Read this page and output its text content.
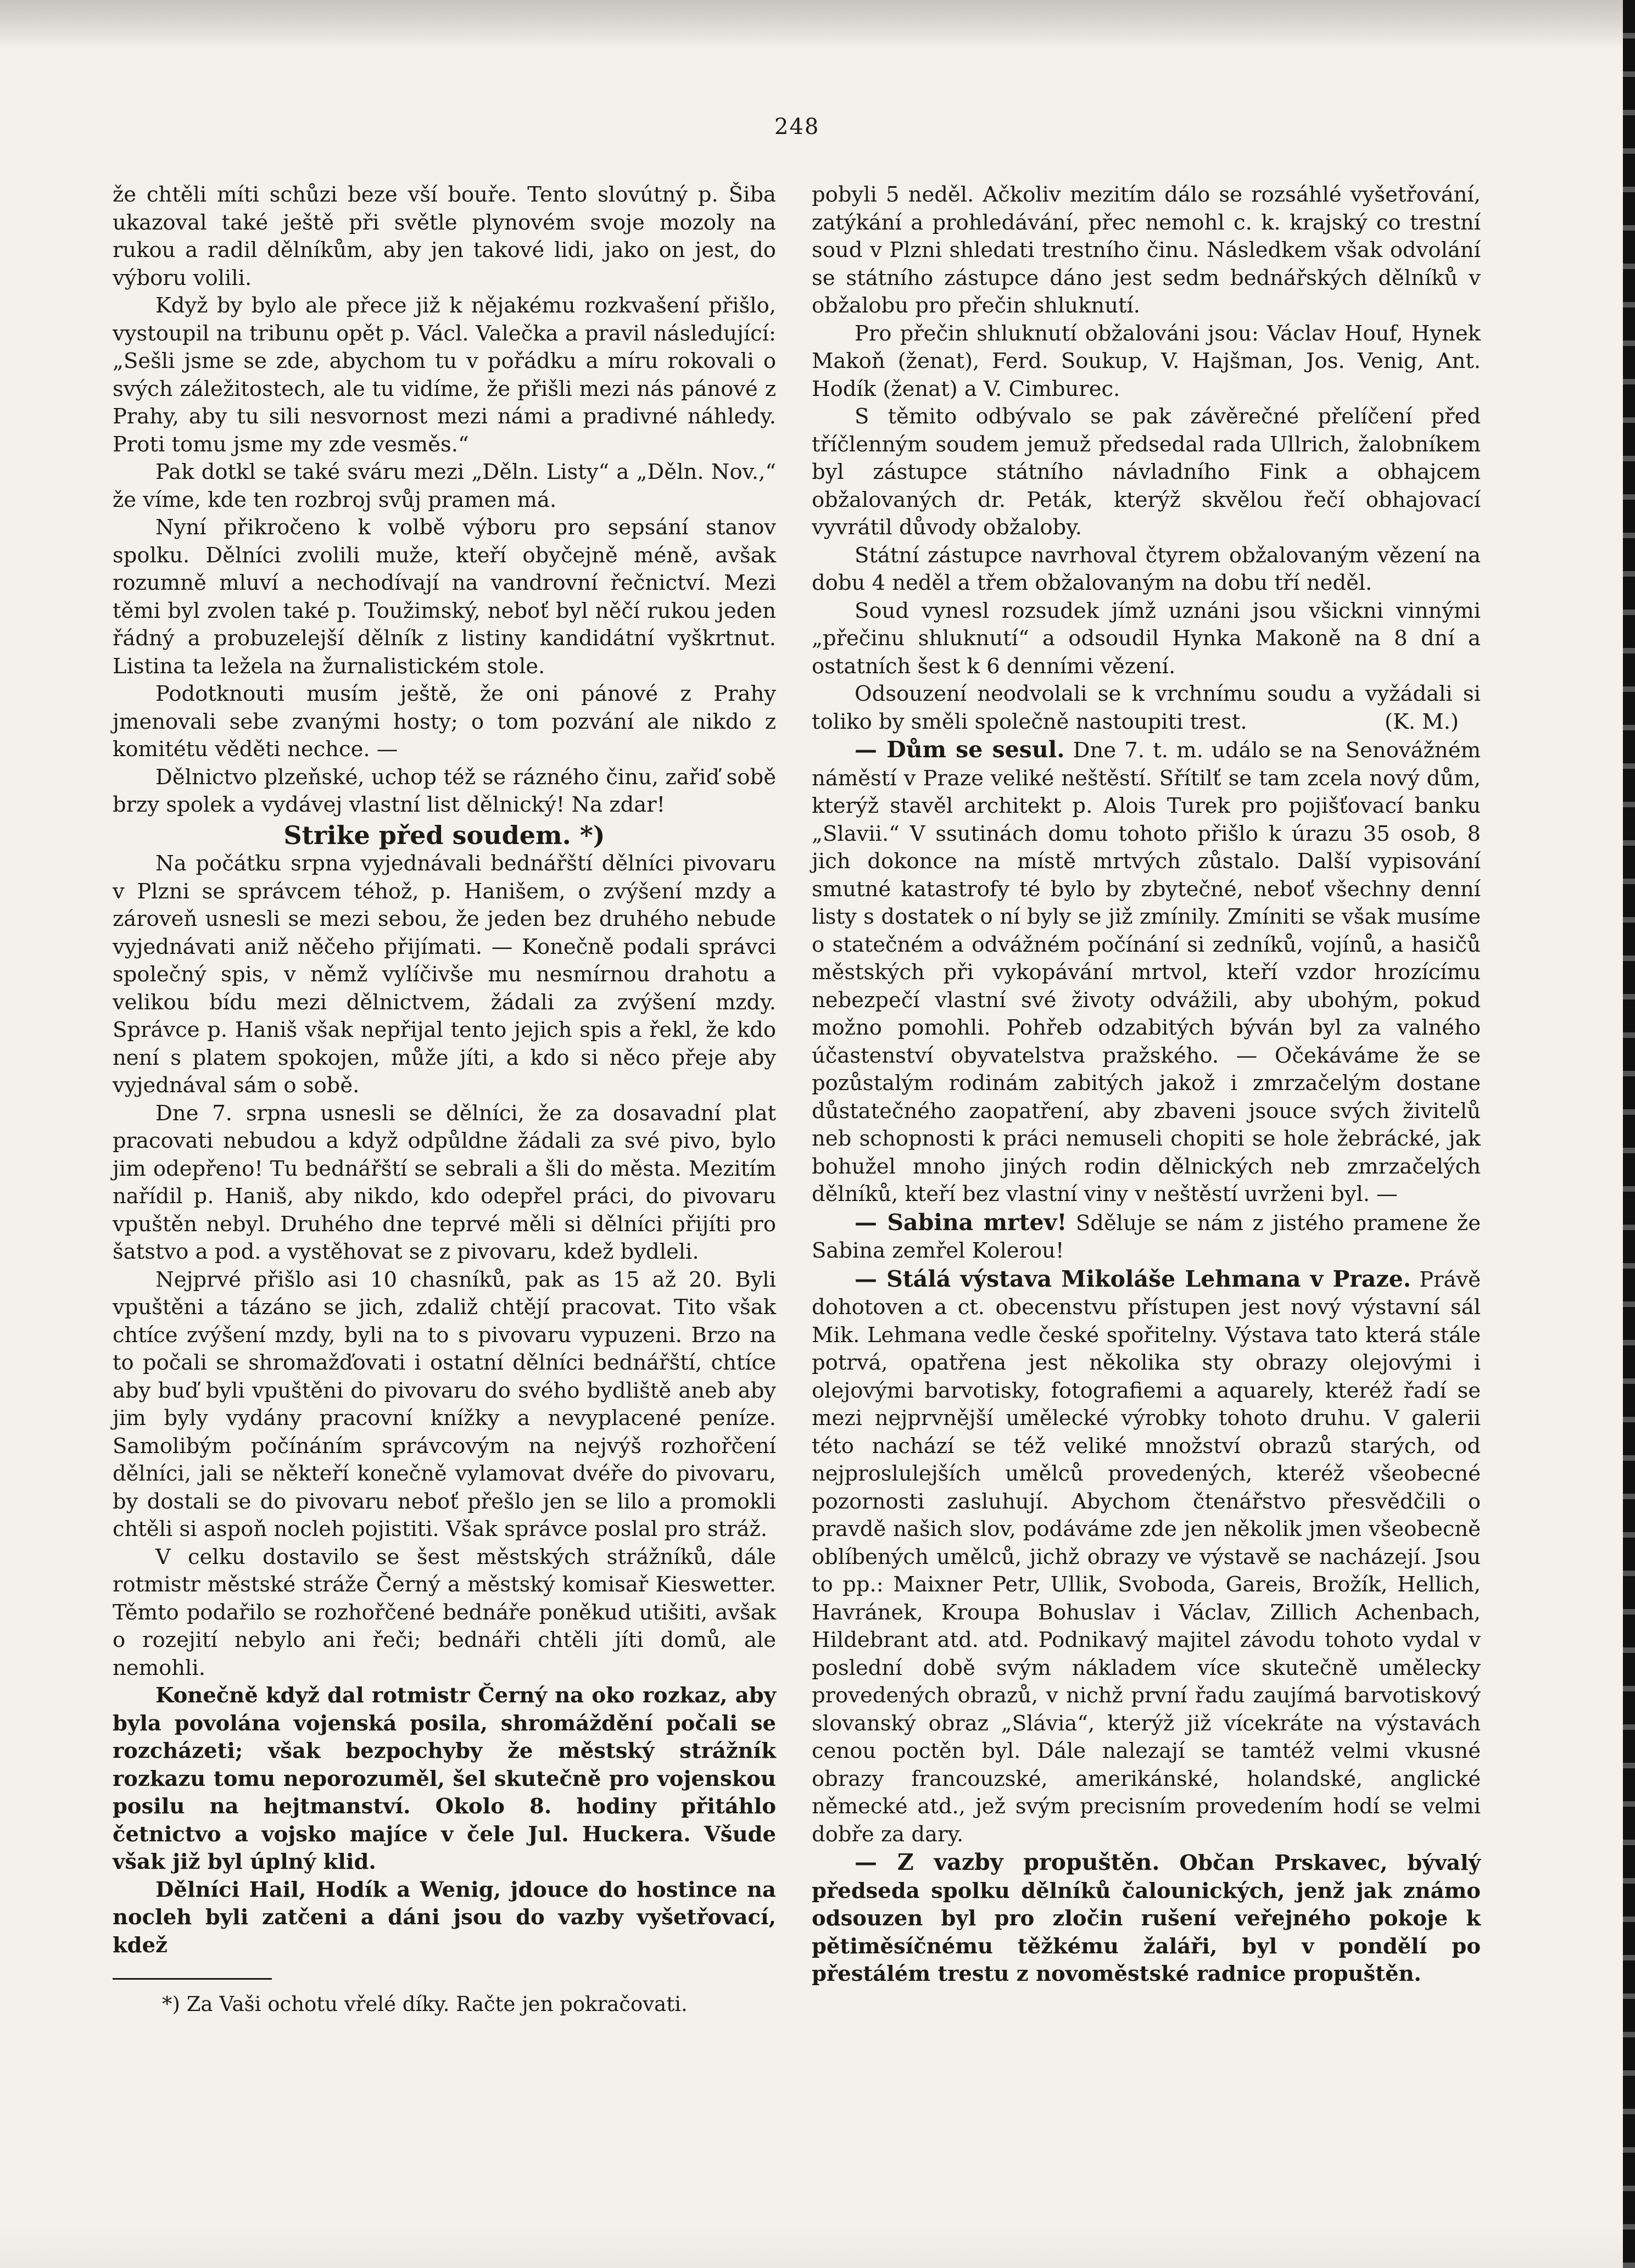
248

že chtěli míti schůzi beze vší bouře. Tento slovútný p. Šiba ukazoval také ještě při světle plynovém svoje mozoly na rukou a radil dělníkům, aby jen takové lidi, jako on jest, do výboru volili.

Když by bylo ale přece již k nějakému rozkvašení přišlo, vystoupil na tribunu opět p. Václ. Valečka a pravil následující: „Sešli jsme se zde, abychom tu v pořádku a míru rokovali o svých záležitostech, ale tu vidíme, že přišli mezi nás pánové z Prahy, aby tu sili nesvornost mezi námi a pradivné náhledy. Proti tomu jsme my zde vesměs.“

Pak dotkl se také sváru mezi „Děln. Listy“ a „Děln. Nov.,“ že víme, kde ten rozbroj svůj pramen má.

Nyní přikročeno k volbě výboru pro sepsání stanov spolku. Dělníci zvolili muže, kteří obyčejně méně, avšak rozumně mluví a nechodívají na vandrovní řečnictví. Mezi těmi byl zvolen také p. Toužimský, neboť byl něčí rukou jeden řádný a probuzelejší dělník z listiny kandidátní vyškrtnut. Listina ta ležela na žurnalistickém stole.

Podotknouti musím ještě, že oni pánové z Prahy jmenovali sebe zvanými hosty; o tom pozvání ale nikdo z komitétu věděti nechce. —

Dělnictvo plzeňské, uchop též se rázného činu, zařiď sobě brzy spolek a vydávej vlastní list dělnický! Na zdar!

Strike před soudem. *)

Na počátku srpna vyjednávali bednářští dělníci pivovaru v Plzni se správcem téhož, p. Hanišem, o zvýšení mzdy a zároveň usnesli se mezi sebou, že jeden bez druhého nebude vyjednávati aniž něčeho přijímati. — Konečně podali správci společný spis, v němž vylíčivše mu nesmírnou drahotu a velikou bídu mezi dělnictvem, žádali za zvýšení mzdy. Správce p. Haniš však nepřijal tento jejich spis a řekl, že kdo není s platem spokojen, může jíti, a kdo si něco přeje aby vyjednával sám o sobě.

Dne 7. srpna usnesli se dělníci, že za dosavadní plat pracovati nebudou a když odpůldne žádali za své pivo, bylo jim odepřeno! Tu bednářští se sebrali a šli do města. Mezitím nařídil p. Haniš, aby nikdo, kdo odepřel práci, do pivovaru vpuštěn nebyl. Druhého dne teprvé měli si dělníci přijíti pro šatstvo a pod. a vystěhovat se z pivovaru, kdež bydleli.

Nejprvé přišlo asi 10 chasníků, pak as 15 až 20. Byli vpuštěni a tázáno se jich, zdaliž chtějí pracovat. Tito však chtíce zvýšení mzdy, byli na to s pivovaru vypuzeni. Brzo na to počali se shromažďovati i ostatní dělníci bednářští, chtíce aby buď byli vpuštěni do pivovaru do svého bydliště aneb aby jim byly vydány pracovní knížky a nevyplacené peníze. Samolibým počínáním správcovým na nejvýš rozhořčení dělníci, jali se někteří konečně vylamovat dvéře do pivovaru, by dostali se do pivovaru neboť přešlo jen se lilo a promokli chtěli si aspoň nocleh pojistiti. Však správce poslal pro stráž.

V celku dostavilo se šest městských strážníků, dále rotmistr městské stráže Černý a městský komisař Kieswetter. Těmto podařilo se rozhořčené bednáře poněkud utišiti, avšak o rozejití nebylo ani řeči; bednáři chtěli jíti domů, ale nemohli.

Konečně když dal rotmistr Černý na oko rozkaz, aby byla povolána vojenská posila, shromáždění počali se rozcházeti; však bezpochyby že městský strážník rozkazu tomu neporozuměl, šel skutečně pro vojenskou posilu na hejtmanství. Okolo 8. hodiny přitáhlo četnictvo a vojsko majíce v čele Jul. Huckera. Všude však již byl úplný klid.

Dělníci Hail, Hodík a Wenig, jdouce do hostince na nocleh byli zatčeni a dáni jsou do vazby vyšetřovací, kdež

*) Za Vaši ochotu vřelé díky. Račte jen pokračovati.

pobyli 5 neděl. Ačkoliv mezitím dálo se rozsáhlé vyšetřování, zatýkání a prohledávání, přec nemohl c. k. krajský co trestní soud v Plzni shledati trestního činu. Následkem však odvolání se státního zástupce dáno jest sedm bednářských dělníků v obžalobu pro přečin shluknutí.

Pro přečin shluknutí obžalováni jsou: Václav Houf, Hynek Makoň (ženat), Ferd. Soukup, V. Hajšman, Jos. Venig, Ant. Hodík (ženat) a V. Cimburec.

S těmito odbývalo se pak závěrečné přelíčení před tříčlenným soudem jemuž předsedal rada Ullrich, žalobníkem byl zástupce státního návladního Fink a obhajcem obžalovaných dr. Peták, kterýž skvělou řečí obhajovací vyvrátil důvody obžaloby.

Státní zástupce navrhoval čtyrem obžalovaným vězení na dobu 4 neděl a třem obžalovaným na dobu tří neděl.

Soud vynesl rozsudek jímž uznáni jsou všickni vinnými „přečinu shluknutí“ a odsoudil Hynka Makoně na 8 dní a ostatních šest k 6 denními vězení.

Odsouzení neodvolali se k vrchnímu soudu a vyžádali si toliko by směli společně nastoupiti trest.	(K. M.)

— Dům se sesul. Dne 7. t. m. událo se na Senovážném náměstí v Praze veliké neštěstí. Sřítilť se tam zcela nový dům, kterýž stavěl architekt p. Alois Turek pro pojišťovací banku „Slavii.“ V ssutinách domu tohoto přišlo k úrazu 35 osob, 8 jich dokonce na místě mrtvých zůstalo. Další vypisování smutné katastrofy té bylo by zbytečné, neboť všechny denní listy s dostatek o ní byly se již zmínily. Zmíniti se však musíme o statečném a odvážném počínání si zedníků, vojínů, a hasičů městských při vykopávání mrtvol, kteří vzdor hrozícímu nebezpečí vlastní své životy odvážili, aby ubohým, pokud možno pomohli. Pohřeb odzabitých býván byl za valného účastenství obyvatelstva pražského. — Očekáváme že se pozůstalým rodinám zabitých jakož i zmrzačelým dostane důstatečného zaopatření, aby zbaveni jsouce svých živitelů neb schopnosti k práci nemuseli chopiti se hole žebrácké, jak bohužel mnoho jiných rodin dělnických neb zmrzačelých dělníků, kteří bez vlastní viny v neštěstí uvrženi byl. —

— Sabina mrtev! Sděluje se nám z jistého pramene že Sabina zemřel Kolerou!

— Stálá výstava Mikoláše Lehmana v Praze. Právě dohotoven a ct. obecenstvu přístupen jest nový výstavní sál Mik. Lehmana vedle české spořitelny. Výstava tato která stále potrvá, opatřena jest několika sty obrazy olejovými i olejovými barvotisky, fotografiemi a aquarely, kteréž řadí se mezi nejprvnější umělecké výrobky tohoto druhu. V galerii této nachází se též veliké množství obrazů starých, od nejproslulejších umělců provedených, kteréž všeobecné pozornosti zasluhují. Abychom čtenářstvo přesvědčili o pravdě našich slov, podáváme zde jen několik jmen všeobecně oblíbených umělců, jichž obrazy ve výstavě se nacházejí. Jsou to pp.: Maixner Petr, Ullik, Svoboda, Gareis, Brožík, Hellich, Havránek, Kroupa Bohuslav i Václav, Zillich Achenbach, Hildebrant atd. atd. Podnikavý majitel závodu tohoto vydal v poslední době svým nákladem více skutečně umělecky provedených obrazů, v nichž první řadu zaujímá barvotiskový slovanský obraz „Slávia“, kterýž již vícekráte na výstavách cenou poctěn byl. Dále nalezají se tamtéž velmi vkusné obrazy francouzské, amerikánské, holandské, anglické německé atd., jež svým precisním provedením hodí se velmi dobře za dary.

— Z vazby propuštěn. Občan Prskavec, bývalý předseda spolku dělníků čalounických, jenž jak známo odsouzen byl pro zločin rušení veřejného pokoje k pětiměsíčnému těžkému žaláři, byl v pondělí po přestálém trestu z novoměstské radnice propuštěn.
